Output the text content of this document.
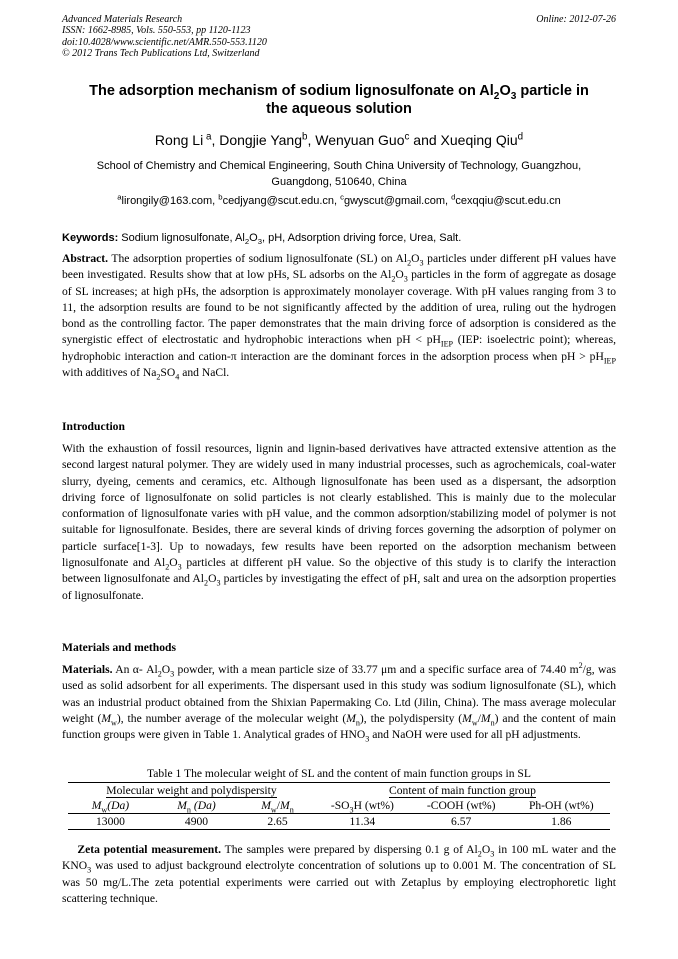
Advanced Materials Research
ISSN: 1662-8985, Vols. 550-553, pp 1120-1123
doi:10.4028/www.scientific.net/AMR.550-553.1120
© 2012 Trans Tech Publications Ltd, Switzerland
Online: 2012-07-26
The adsorption mechanism of sodium lignosulfonate on $Al_2O_3$ particle in
the aqueous solution
Rong Li  $^a$, Dongjie Yang$^b$, Wenyuan Guo$^c$ and Xueqing Qiu$^d$
School of Chemistry and Chemical Engineering, South China University of Technology, Guangzhou,
Guangdong, 510640, China
$^a$lirongily@163.com, $^b$cedjyang@scut.edu.cn, $^c$gwyscut@gmail.com, $^d$cexqqiu@scut.edu.cn
Keywords: Sodium lignosulfonate, $Al_2O_3$, pH, Adsorption driving force, Urea, Salt.
Abstract. The adsorption properties of sodium lignosulfonate (SL) on $Al_2O_3$ particles under different pH values have been investigated. Results show that at low pHs, SL adsorbs on the $Al_2O_3$ particles in the form of aggregate as dosage of SL increases; at high pHs, the adsorption is approximately monolayer coverage. With pH values ranging from 3 to 11, the adsorption results are found to be not significantly affected by the addition of urea, ruling out the hydrogen bond as the controlling factor. The paper demonstrates that the main driving force of adsorption is considered as the synergistic effect of electrostatic and hydrophobic interactions when pH < $pH_{IEP}$ (IEP: isoelectric point); whereas, hydrophobic interaction and cation-π interaction are the dominant forces in the adsorption process when pH > $pH_{IEP}$ with additives of $Na_2SO_4$ and NaCl.
Introduction
With the exhaustion of fossil resources, lignin and lignin-based derivatives have attracted extensive attention as the second largest natural polymer. They are widely used in many industrial processes, such as agrochemicals, coal-water slurry, dyeing, cements and ceramics, etc. Although lignosulfonate has been used as a dispersant, the adsorption driving force of lignosulfonate on solid particles is not clearly established. This is mainly due to the molecular conformation of lignosulfonate varies with pH value, and the common adsorption/stabilizing model of polymer is not suitable for lignosulfonate. Besides, there are several kinds of driving forces governing the adsorption of polymer on particle surface[1-3]. Up to nowadays, few results have been reported on the adsorption mechanism between lignosulfonate and $Al_2O_3$ particles at different pH value. So the objective of this study is to clarify the interaction between lignosulfonate and $Al_2O_3$ particles by investigating the effect of pH, salt and urea on the adsorption properties of lignosulfonate.
Materials and methods
Materials. An α- $Al_2O_3$ powder, with a mean particle size of 33.77 μm and a specific surface area of 74.40 $m^2/g$, was used as solid adsorbent for all experiments. The dispersant used in this study was sodium lignosulfonate (SL), which was an industrial product obtained from the Shixian Papermaking Co. Ltd (Jilin, China). The mass average molecular weight $(M_w)$, the number average of the molecular weight $(M_n)$, the polydispersity $(M_w/M_n)$ and the content of main function groups were given in Table 1. Analytical grades of $HNO_3$ and NaOH were used for all pH adjustments.
Table 1 The molecular weight of SL and the content of main function groups in SL
Molecular weight and polydispersity			Content of main function group		
$M_w(Da)$	$M_n$ (Da)	$M_w/M_n$	$-SO_3H$ (wt%)	-COOH (wt%)	Ph-OH (wt%)
13000	4900	2.65	11.34	6.57	1.86
Zeta potential measurement. The samples were prepared by dispersing 0.1 g of $Al_2O_3$ in 100 mL water and the $KNO_3$ was used to adjust background electrolyte concentration of solutions up to 0.001 M. The concentration of SL was 50 mg/L.The zeta potential experiments were carried out with Zetaplus by employing electrophoretic light scattering technique.
